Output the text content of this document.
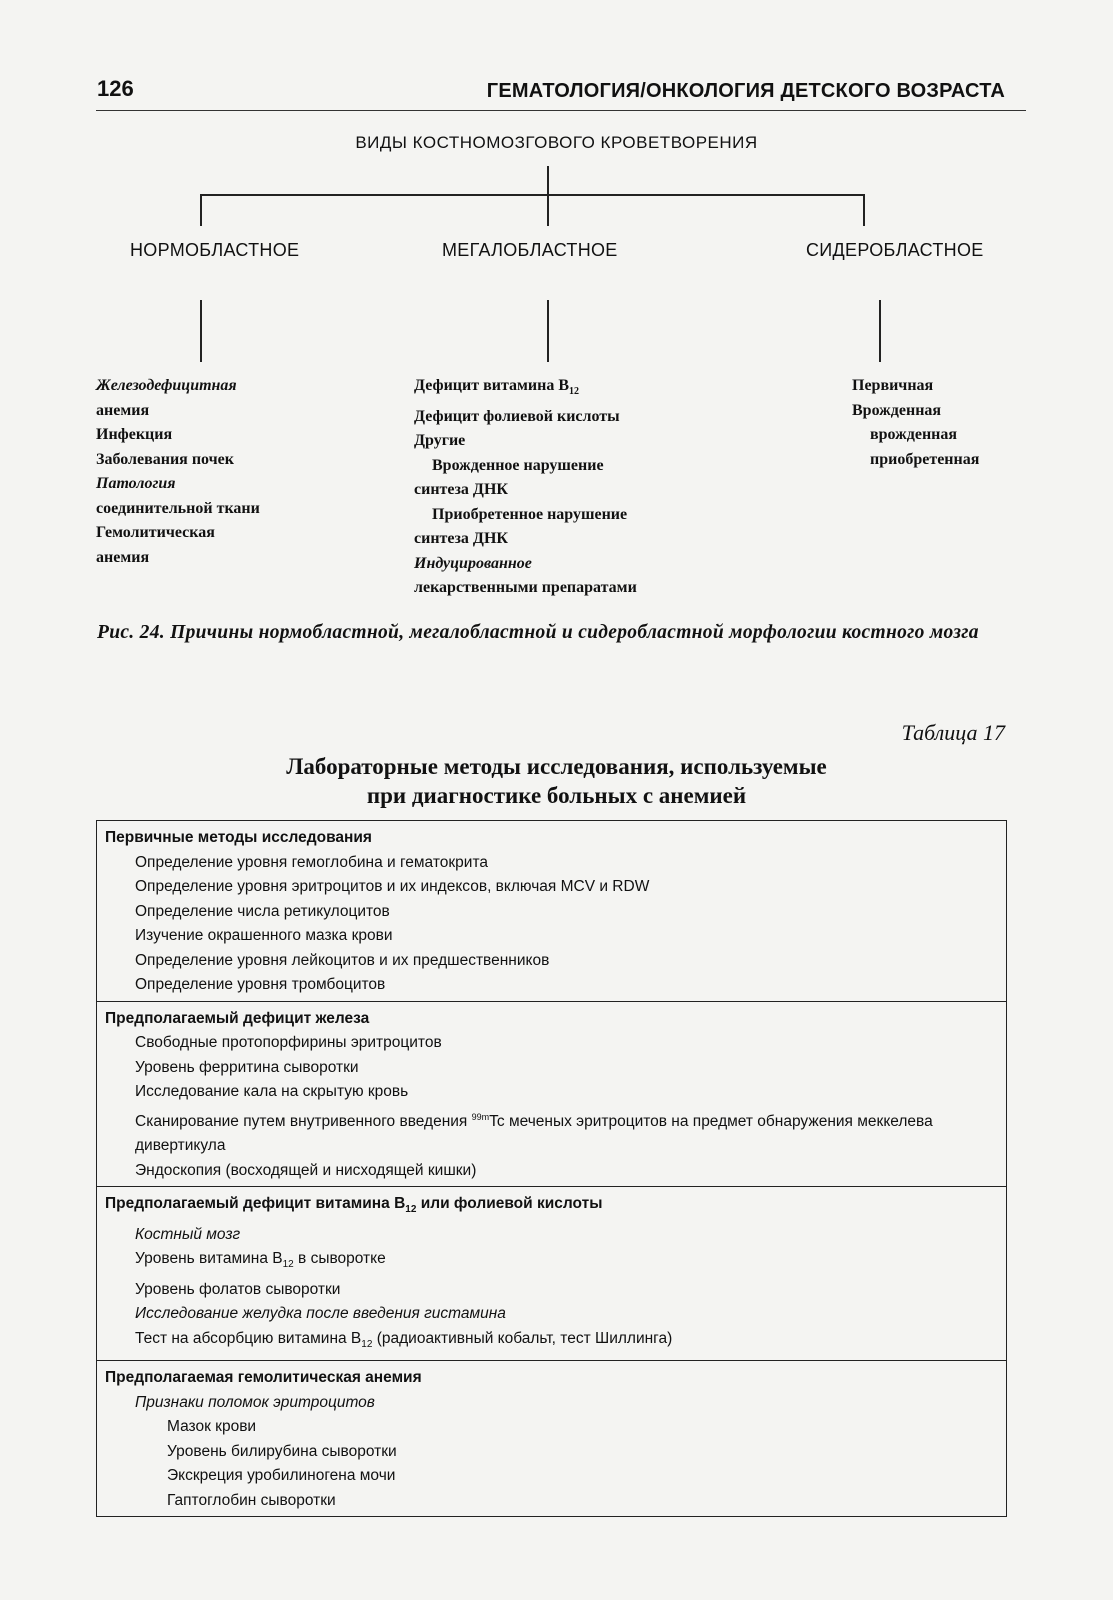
126	ГЕМАТОЛОГИЯ/ОНКОЛОГИЯ ДЕТСКОГО ВОЗРАСТА
ВИДЫ КОСТНОМОЗГОВОГО КРОВЕТВОРЕНИЯ
НОРМОБЛАСТНОЕ	МЕГАЛОБЛАСТНОЕ	СИДЕРОБЛАСТНОЕ
Железодефицитная
анемия
Инфекция
Заболевания почек
Патология
соединительной ткани
Гемолитическая
анемия
Дефицит витамина $B_{12}$
Дефицит фолиевой кислоты
Другие
Врожденное нарушение
синтеза ДНК
Приобретенное нарушение
синтеза ДНК
Индуцированное
лекарственными препаратами
Первичная
Врожденная
врожденная
приобретенная
Рис. 24. Причины нормобластной, мегалобластной и сидеробластной морфологии костного мозга
Таблица 17
Лабораторные методы исследования, используемые
при диагностике больных с анемией
Первичные методы исследования
Определение уровня гемоглобина и гематокрита
Определение уровня эритроцитов и их индексов, включая MCV и RDW
Определение числа ретикулоцитов
Изучение окрашенного мазка крови
Определение уровня лейкоцитов и их предшественников
Определение уровня тромбоцитов
Предполагаемый дефицит железа
Свободные протопорфирины эритроцитов
Уровень ферритина сыворотки
Исследование кала на скрытую кровь
Сканирование путем внутривенного введения $^{99m}$Tc меченых эритроцитов на предмет обнаружения меккелева дивертикула
Эндоскопия (восходящей и нисходящей кишки)
Предполагаемый дефицит витамина $B_{12}$ или фолиевой кислоты
Костный мозг
Уровень витамина $B_{12}$ в сыворотке
Уровень фолатов сыворотки
Исследование желудка после введения гистамина
Тест на абсорбцию витамина $B_{12}$ (радиоактивный кобальт, тест Шиллинга)
Предполагаемая гемолитическая анемия
Признаки поломок эритроцитов
Мазок крови
Уровень билирубина сыворотки
Экскреция уробилиногена мочи
Гаптоглобин сыворотки
